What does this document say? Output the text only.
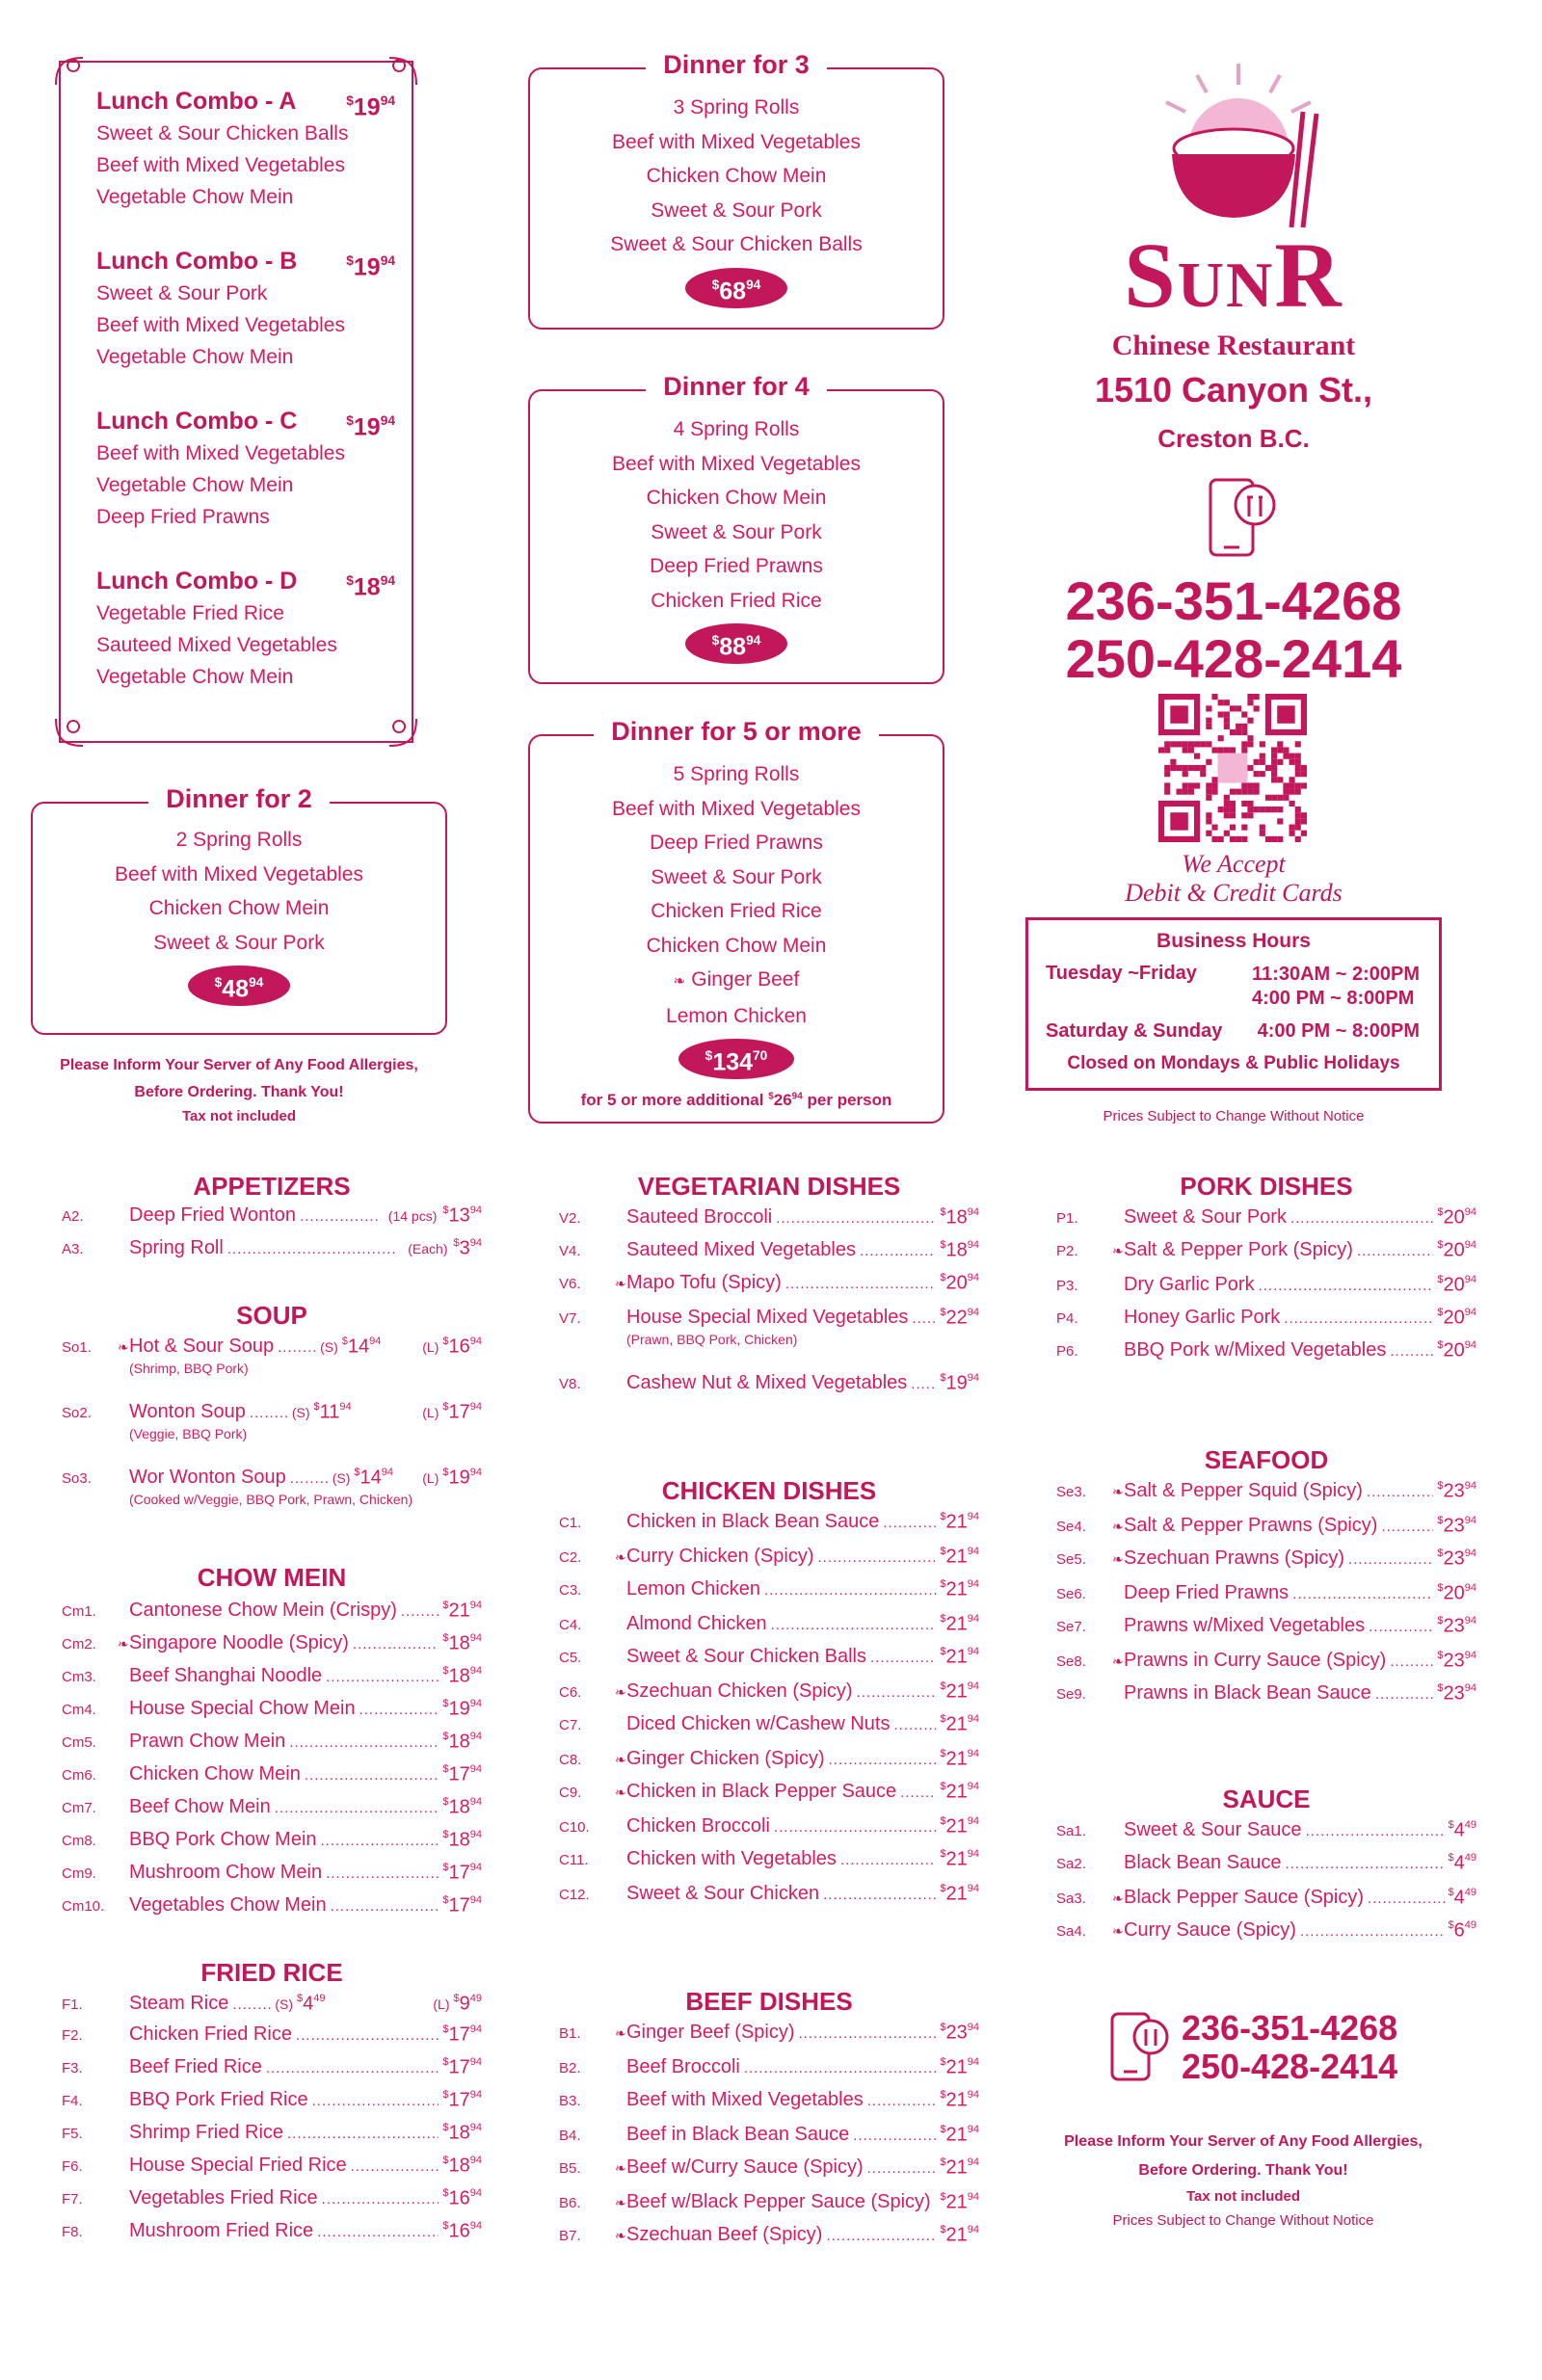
Lunch Combo - A	$^{\$}19^{94}$
Sweet & Sour Chicken Balls
Beef with Mixed Vegetables
Vegetable Chow Mein
Lunch Combo - B	$^{\$}19^{94}$
Sweet & Sour Pork
Beef with Mixed Vegetables
Vegetable Chow Mein
Lunch Combo - C	$^{\$}19^{94}$
Beef with Mixed Vegetables
Vegetable Chow Mein
Deep Fried Prawns
Lunch Combo - D	$^{\$}18^{94}$
Vegetable Fried Rice
Sauteed Mixed Vegetables
Vegetable Chow Mein
Dinner for 2
2 Spring Rolls
Beef with Mixed Vegetables
Chicken Chow Mein
Sweet & Sour Pork
$^{\$}48^{94}$
Please Inform Your Server of Any Food Allergies,
Before Ordering. Thank You!
Tax not included
Dinner for 3
3 Spring Rolls
Beef with Mixed Vegetables
Chicken Chow Mein
Sweet & Sour Pork
Sweet & Sour Chicken Balls
$^{\$}68^{94}$
Dinner for 4
4 Spring Rolls
Beef with Mixed Vegetables
Chicken Chow Mein
Sweet & Sour Pork
Deep Fried Prawns
Chicken Fried Rice
$^{\$}88^{94}$
Dinner for 5 or more
5 Spring Rolls
Beef with Mixed Vegetables
Deep Fried Prawns
Sweet & Sour Pork
Chicken Fried Rice
Chicken Chow Mein
❧ Ginger Beef
Lemon Chicken
$^{\$}134^{70}$
for 5 or more additional $^{\$}26^{94}$ per person
SunR
Chinese Restaurant
1510 Canyon St.,
Creston B.C.
236-351-4268
250-428-2414
We Accept
Debit & Credit Cards
Business Hours
Tuesday ~Friday	11:30AM ~ 2:00PM
4:00 PM ~ 8:00PM
Saturday & Sunday 4:00 PM ~ 8:00PM
Closed on Mondays & Public Holidays
Prices Subject to Change Without Notice
APPETIZERS
A2.	Deep Fried Wonton .....	(14 pcs) $^{\$}13^{94}$
A3.	Spring Roll .....	(Each) $^{\$}3^{94}$
SOUP
So1.	❧ Hot & Sour Soup .....	(S) $^{\$}14^{94}$	(L) $^{\$}16^{94}$
(Shrimp, BBQ Pork)
So2.	Wonton Soup .....	(S) $^{\$}11^{94}$	(L) $^{\$}17^{94}$
(Veggie, BBQ Pork)
So3.	Wor Wonton Soup .....	(S) $^{\$}14^{94}$ (L) $^{\$}19^{94}$
(Cooked w/Veggie, BBQ Pork, Prawn, Chicken)
CHOW MEIN
Cm1.	Cantonese Chow Mein (Crispy) .....	$^{\$}21^{94}$
Cm2.	❧ Singapore Noodle (Spicy) .....	$^{\$}18^{94}$
Cm3.	Beef Shanghai Noodle .....	$^{\$}18^{94}$
Cm4.	House Special Chow Mein .....	$^{\$}19^{94}$
Cm5.	Prawn Chow Mein .....	$^{\$}18^{94}$
Cm6.	Chicken Chow Mein .....	$^{\$}17^{94}$
Cm7.	Beef Chow Mein .....	$^{\$}18^{94}$
Cm8.	BBQ Pork Chow Mein .....	$^{\$}18^{94}$
Cm9.	Mushroom Chow Mein .....	$^{\$}17^{94}$
Cm10.	Vegetables Chow Mein .....	$^{\$}17^{94}$
FRIED RICE
F1.	Steam Rice .....	(S) $^{\$}4^{49}$	(L) $^{\$}9^{49}$
F2.	Chicken Fried Rice .....	$^{\$}17^{94}$
F3.	Beef Fried Rice .....	$^{\$}17^{94}$
F4.	BBQ Pork Fried Rice .....	$^{\$}17^{94}$
F5.	Shrimp Fried Rice .....	$^{\$}18^{94}$
F6.	House Special Fried Rice .....	$^{\$}18^{94}$
F7.	Vegetables Fried Rice .....	$^{\$}16^{94}$
F8.	Mushroom Fried Rice .....	$^{\$}16^{94}$
VEGETARIAN DISHES
V2.	Sauteed Broccoli .....	$^{\$}18^{94}$
V4.	Sauteed Mixed Vegetables .....	$^{\$}18^{94}$
V6.	❧ Mapo Tofu (Spicy) .....	$^{\$}20^{94}$
V7.	House Special Mixed Vegetables .....	$^{\$}22^{94}$
(Prawn, BBQ Pork, Chicken)
V8.	Cashew Nut & Mixed Vegetables .....	$^{\$}19^{94}$
CHICKEN DISHES
C1.	Chicken in Black Bean Sauce .....	$^{\$}21^{94}$
C2.	❧ Curry Chicken (Spicy) .....	$^{\$}21^{94}$
C3.	Lemon Chicken .....	$^{\$}21^{94}$
C4.	Almond Chicken .....	$^{\$}21^{94}$
C5.	Sweet & Sour Chicken Balls .....	$^{\$}21^{94}$
C6.	❧ Szechuan Chicken (Spicy) .....	$^{\$}21^{94}$
C7.	Diced Chicken w/Cashew Nuts .....	$^{\$}21^{94}$
C8.	❧ Ginger Chicken (Spicy) .....	$^{\$}21^{94}$
C9.	❧ Chicken in Black Pepper Sauce .....	$^{\$}21^{94}$
C10.	Chicken Broccoli .....	$^{\$}21^{94}$
C11.	Chicken with Vegetables .....	$^{\$}21^{94}$
C12.	Sweet & Sour Chicken .....	$^{\$}21^{94}$
BEEF DISHES
B1.	❧ Ginger Beef (Spicy) .....	$^{\$}23^{94}$
B2.	Beef Broccoli .....	$^{\$}21^{94}$
B3.	Beef with Mixed Vegetables .....	$^{\$}21^{94}$
B4.	Beef in Black Bean Sauce .....	$^{\$}21^{94}$
B5.	❧ Beef w/Curry Sauce (Spicy) .....	$^{\$}21^{94}$
B6.	❧ Beef w/Black Pepper Sauce (Spicy) ..... $^{\$}21^{94}$
B7.	❧ Szechuan Beef (Spicy) .....	$^{\$}21^{94}$
PORK DISHES
P1.	Sweet & Sour Pork .....	$^{\$}20^{94}$
P2.	❧ Salt & Pepper Pork (Spicy) .....	$^{\$}20^{94}$
P3.	Dry Garlic Pork .....	$^{\$}20^{94}$
P4.	Honey Garlic Pork .....	$^{\$}20^{94}$
P6.	BBQ Pork w/Mixed Vegetables .....	$^{\$}20^{94}$
SEAFOOD
Se3.	❧ Salt & Pepper Squid (Spicy) .....	$^{\$}23^{94}$
Se4.	❧ Salt & Pepper Prawns (Spicy) .....	$^{\$}23^{94}$
Se5.	❧ Szechuan Prawns (Spicy) .....	$^{\$}23^{94}$
Se6.	Deep Fried Prawns .....	$^{\$}20^{94}$
Se7.	Prawns w/Mixed Vegetables .....	$^{\$}23^{94}$
Se8.	❧ Prawns in Curry Sauce (Spicy) .....	$^{\$}23^{94}$
Se9.	Prawns in Black Bean Sauce .....	$^{\$}23^{94}$
SAUCE
Sa1.	Sweet & Sour Sauce .....	$^{\$}4^{49}$
Sa2.	Black Bean Sauce .....	$^{\$}4^{49}$
Sa3.	❧ Black Pepper Sauce (Spicy) .....	$^{\$}4^{49}$
Sa4.	❧ Curry Sauce (Spicy) .....	$^{\$}6^{49}$
236-351-4268
250-428-2414
Please Inform Your Server of Any Food Allergies,
Before Ordering. Thank You!
Tax not included
Prices Subject to Change Without Notice
